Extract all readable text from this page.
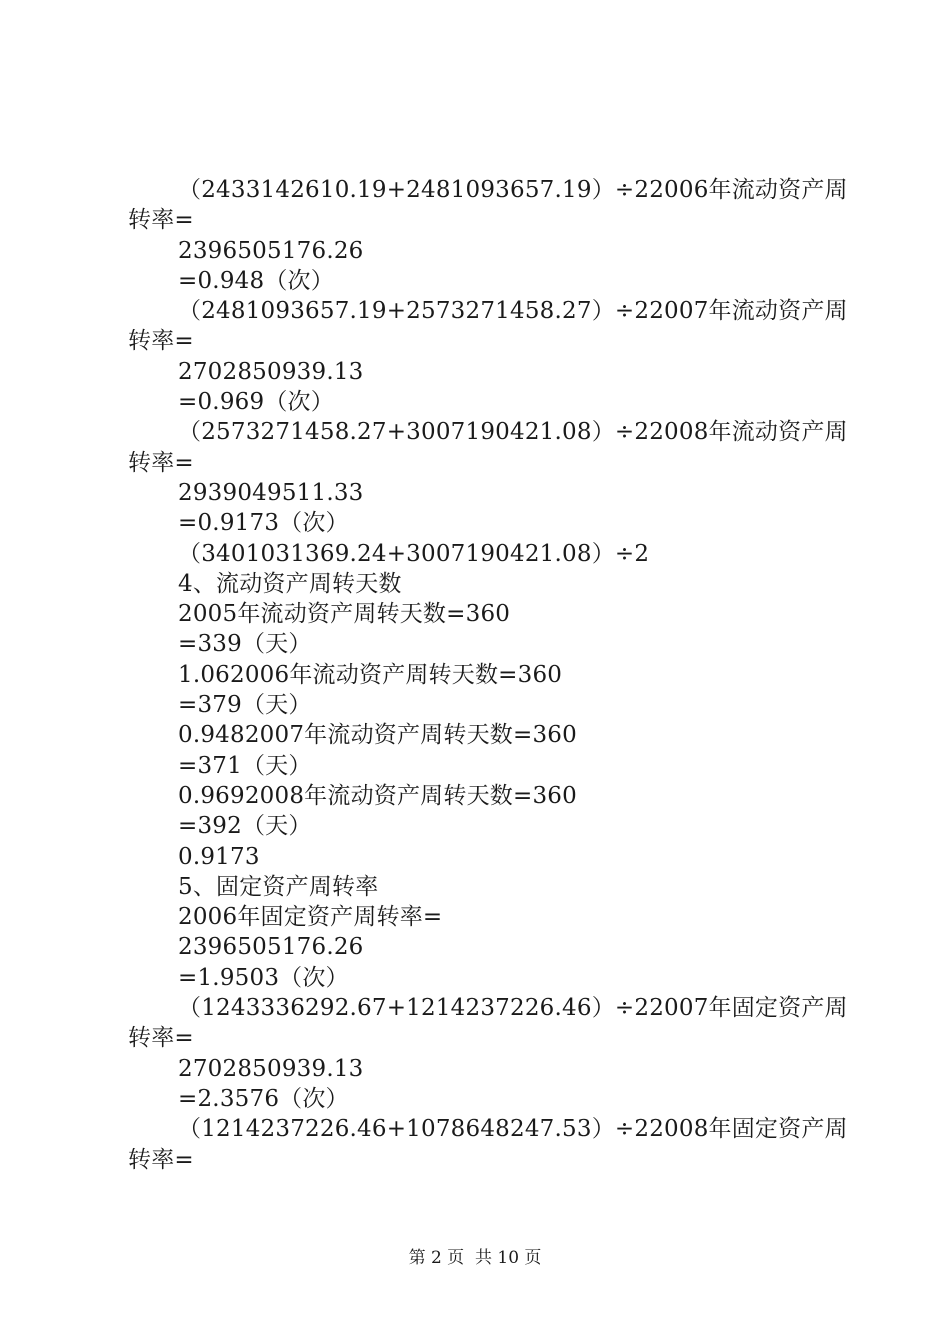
（2433142610.19+2481093657.19）÷22006年流动资产周
转率=
2396505176.26
=0.948（次）
（2481093657.19+2573271458.27）÷22007年流动资产周
转率=
2702850939.13
=0.969（次）
（2573271458.27+3007190421.08）÷22008年流动资产周
转率=
2939049511.33
=0.9173（次）
（3401031369.24+3007190421.08）÷2
4、流动资产周转天数
2005年流动资产周转天数=360
=339（天）
1.062006年流动资产周转天数=360
=379（天）
0.9482007年流动资产周转天数=360
=371（天）
0.9692008年流动资产周转天数=360
=392（天）
0.9173
5、固定资产周转率
2006年固定资产周转率=
2396505176.26
=1.9503（次）
（1243336292.67+1214237226.46）÷22007年固定资产周
转率=
2702850939.13
=2.3576（次）
（1214237226.46+1078648247.53）÷22008年固定资产周
转率=
第 2 页  共 10 页
